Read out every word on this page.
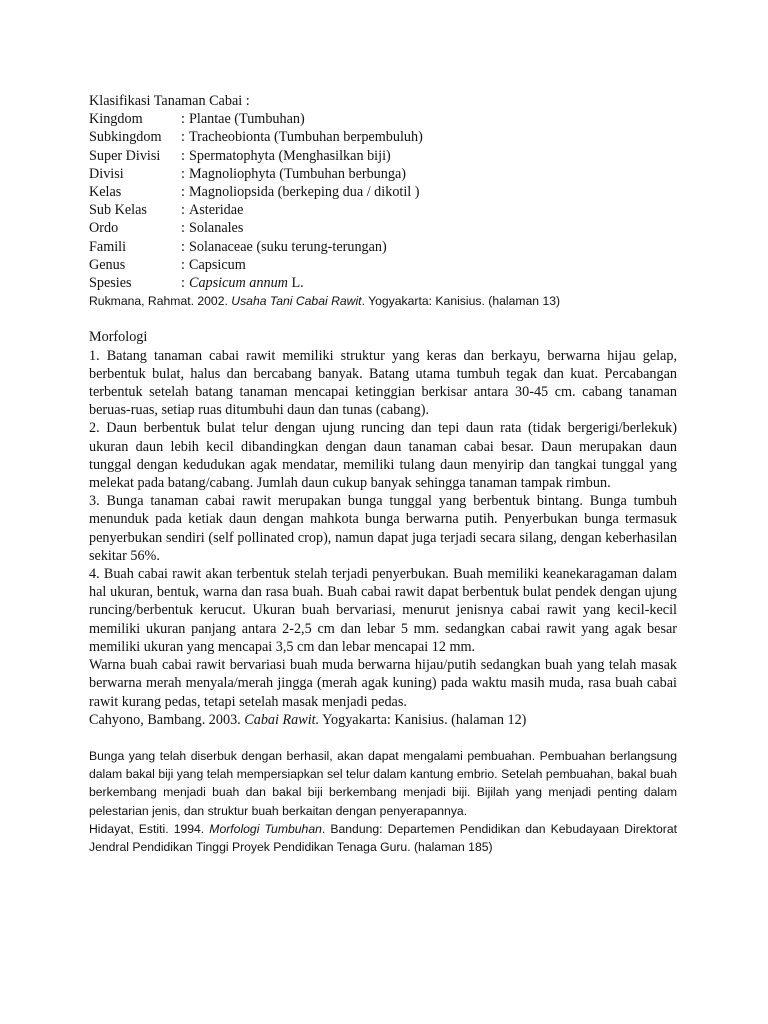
Klasifikasi Tanaman Cabai :
Kingdom	: Plantae (Tumbuhan)
Subkingdom	: Tracheobionta (Tumbuhan berpembuluh)
Super Divisi	: Spermatophyta (Menghasilkan biji)
Divisi	: Magnoliophyta (Tumbuhan berbunga)
Kelas	: Magnoliopsida (berkeping dua / dikotil )
Sub Kelas	: Asteridae
Ordo	: Solanales
Famili	: Solanaceae (suku terung-terungan)
Genus	: Capsicum
Spesies	: Capsicum annum L.

Rukmana, Rahmat. 2002. Usaha Tani Cabai Rawit. Yogyakarta: Kanisius. (halaman 13)

Morfologi

1. Batang tanaman cabai rawit memiliki struktur yang keras dan berkayu, berwarna hijau gelap, berbentuk bulat, halus dan bercabang banyak. Batang utama tumbuh tegak dan kuat. Percabangan terbentuk setelah batang tanaman mencapai ketinggian berkisar antara 30-45 cm. cabang tanaman beruas-ruas, setiap ruas ditumbuhi daun dan tunas (cabang).

2. Daun berbentuk bulat telur dengan ujung runcing dan tepi daun rata (tidak bergerigi/berlekuk) ukuran daun lebih kecil dibandingkan dengan daun tanaman cabai besar. Daun merupakan daun tunggal dengan kedudukan agak mendatar, memiliki tulang daun menyirip dan tangkai tunggal yang melekat pada batang/cabang. Jumlah daun cukup banyak sehingga tanaman tampak rimbun.

3. Bunga tanaman cabai rawit merupakan bunga tunggal yang berbentuk bintang. Bunga tumbuh menunduk pada ketiak daun dengan mahkota bunga berwarna putih. Penyerbukan bunga termasuk penyerbukan sendiri (self pollinated crop), namun dapat juga terjadi secara silang, dengan keberhasilan sekitar 56%.

4. Buah cabai rawit akan terbentuk stelah terjadi penyerbukan. Buah memiliki keanekaragaman dalam hal ukuran, bentuk, warna dan rasa buah. Buah cabai rawit dapat berbentuk bulat pendek dengan ujung runcing/berbentuk kerucut. Ukuran buah bervariasi, menurut jenisnya cabai rawit yang kecil-kecil memiliki ukuran panjang antara 2-2,5 cm dan lebar 5 mm. sedangkan cabai rawit yang agak besar memiliki ukuran yang mencapai 3,5 cm dan lebar mencapai 12 mm.

Warna buah cabai rawit bervariasi buah muda berwarna hijau/putih sedangkan buah yang telah masak berwarna merah menyala/merah jingga (merah agak kuning) pada waktu masih muda, rasa buah cabai rawit kurang pedas, tetapi setelah masak menjadi pedas.

Cahyono, Bambang. 2003. Cabai Rawit. Yogyakarta: Kanisius. (halaman 12)

Bunga yang telah diserbuk dengan berhasil, akan dapat mengalami pembuahan. Pembuahan berlangsung dalam bakal biji yang telah mempersiapkan sel telur dalam kantung embrio. Setelah pembuahan, bakal buah berkembang menjadi buah dan bakal biji berkembang menjadi biji. Bijilah yang menjadi penting dalam pelestarian jenis, dan struktur buah berkaitan dengan penyerapannya.

Hidayat, Estiti. 1994. Morfologi Tumbuhan. Bandung: Departemen Pendidikan dan Kebudayaan Direktorat Jendral Pendidikan Tinggi Proyek Pendidikan Tenaga Guru. (halaman 185)
